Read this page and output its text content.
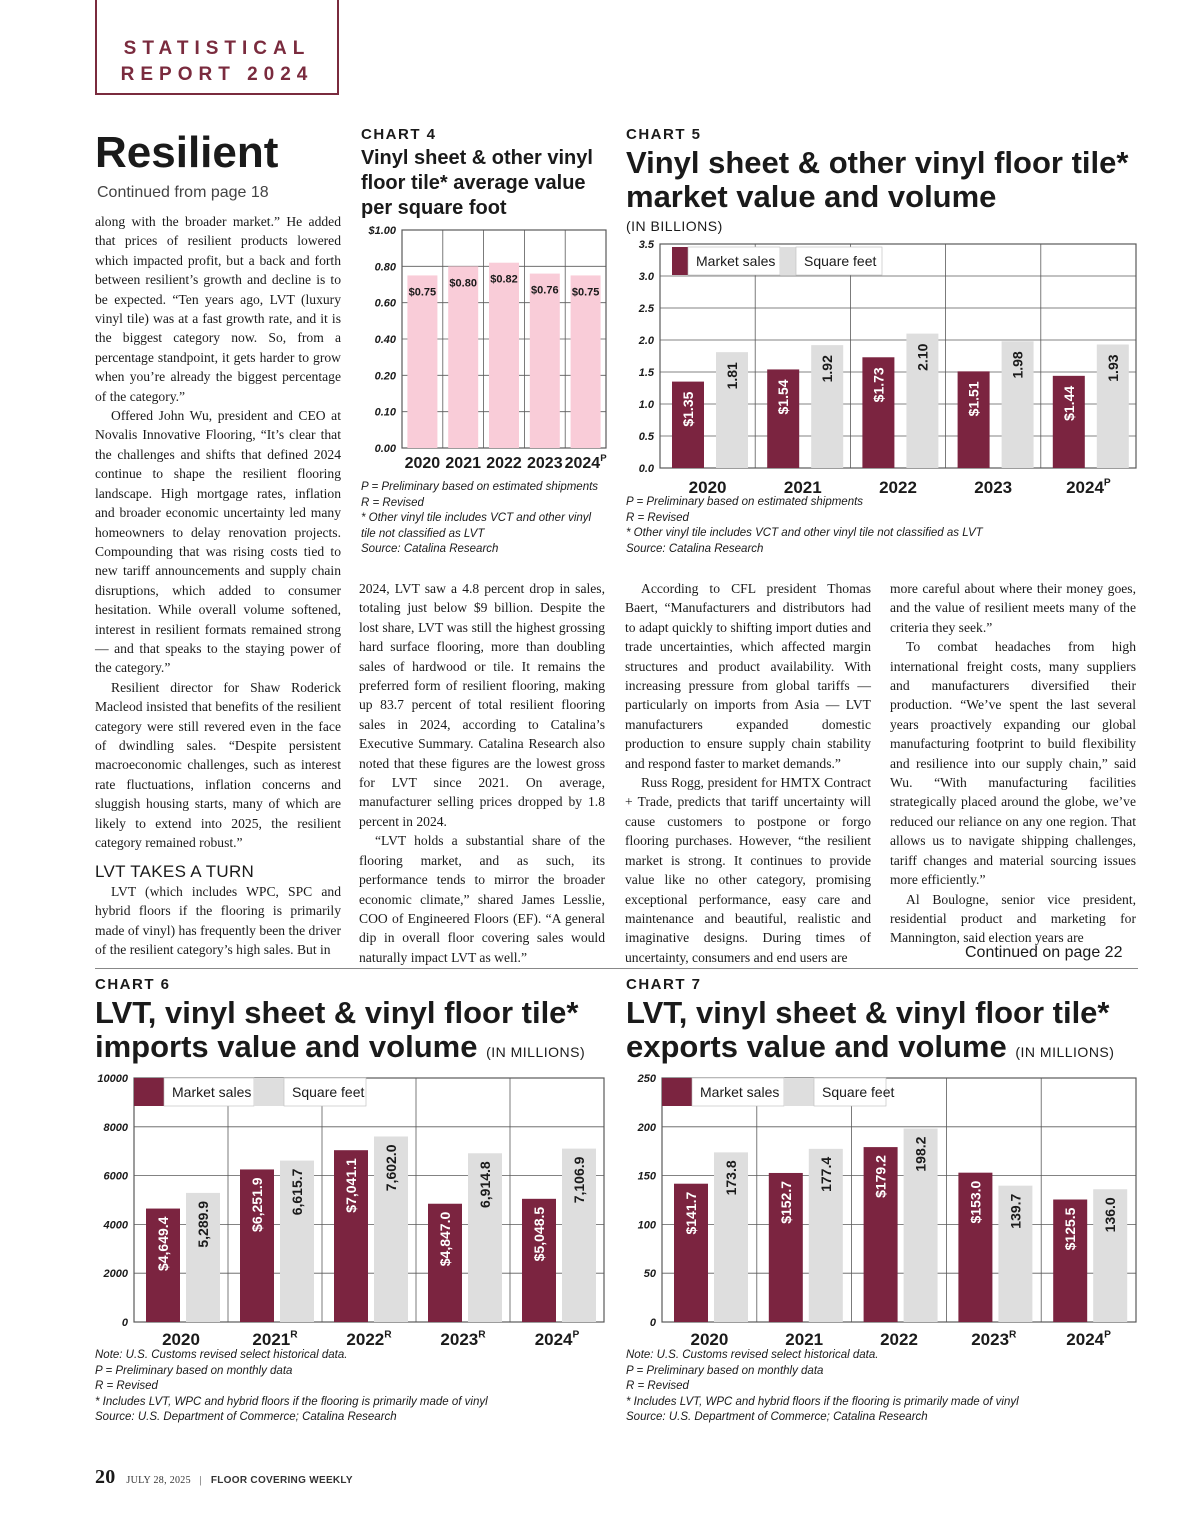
STATISTICAL
REPORT 2024
Resilient
Continued from page 18

along with the broader market.” He added that prices of resilient products lowered which impacted profit, but a back and forth between resilient’s growth and decline is to be expected. “Ten years ago, LVT (luxury vinyl tile) was at a fast growth rate, and it is the biggest category now. So, from a percentage standpoint, it gets harder to grow when you’re already the biggest percentage of the category.”

Offered John Wu, president and CEO at Novalis Innovative Flooring, “It’s clear that the challenges and shifts that defined 2024 continue to shape the resilient flooring landscape. High mortgage rates, inflation and broader economic uncertainty led many homeowners to delay renovation projects. Compounding that was rising costs tied to new tariff announcements and supply chain disruptions, which added to consumer hesitation. While overall volume softened, interest in resilient formats remained strong — and that speaks to the staying power of the category.”

Resilient director for Shaw Roderick Macleod insisted that benefits of the resilient category were still revered even in the face of dwindling sales. “Despite persistent macroeconomic challenges, such as interest rate fluctuations, inflation concerns and sluggish housing starts, many of which are likely to extend into 2025, the resilient category remained robust.”

LVT TAKES A TURN

LVT (which includes WPC, SPC and hybrid floors if the flooring is primarily made of vinyl) has frequently been the driver of the resilient category’s high sales. But in

CHART 4
Vinyl sheet & other vinyl
floor tile* average value
per square foot
0.00
0.10
0.20
0.40
0.60
0.80
$1.00
$0.75
2020
$0.80
2021
$0.82
2022
$0.76
2023
$0.75
$2024^P$
P = Preliminary based on estimated shipments
R = Revised
* Other vinyl tile includes VCT and other vinyl
tile not classified as LVT
Source: Catalina Research
CHART 5
Vinyl sheet & other vinyl floor tile*
market value and volume
(IN BILLIONS)
0.0
0.5
1.0
1.5
2.0
2.5
3.0
3.5
$1.35
1.81
2020
$1.54
1.92
2021
$1.73
2.10
2022
$1.51
1.98
2023
$1.44
1.93
$2024^P$
Market sales Square feet
P = Preliminary based on estimated shipments
R = Revised
* Other vinyl tile includes VCT and other vinyl tile not classified as LVT
Source: Catalina Research

2024, LVT saw a 4.8 percent drop in sales, totaling just below $9 billion. Despite the lost share, LVT was still the highest grossing hard surface flooring, more than doubling sales of hardwood or tile. It remains the preferred form of resilient flooring, making up 83.7 percent of total resilient flooring sales in 2024, according to Catalina’s Executive Summary. Catalina Research also noted that these figures are the lowest gross for LVT since 2021. On average, manufacturer selling prices dropped by 1.8 percent in 2024.

“LVT holds a substantial share of the flooring market, and as such, its performance tends to mirror the broader economic climate,” shared James Lesslie, COO of Engineered Floors (EF). “A general dip in overall floor covering sales would naturally impact LVT as well.”

According to CFL president Thomas Baert, “Manufacturers and distributors had to adapt quickly to shifting import duties and trade uncertainties, which affected margin structures and product availability. With increasing pressure from global tariffs — particularly on imports from Asia — LVT manufacturers expanded domestic production to ensure supply chain stability and respond faster to market demands.”

Russ Rogg, president for HMTX Contract + Trade, predicts that tariff uncertainty will cause customers to postpone or forgo flooring purchases. However, “the resilient market is strong. It continues to provide value like no other category, promising exceptional performance, easy care and maintenance and beautiful, realistic and imaginative designs. During times of uncertainty, consumers and end users are

more careful about where their money goes, and the value of resilient meets many of the criteria they seek.”

To combat headaches from high international freight costs, many suppliers and manufacturers diversified their production. “We’ve spent the last several years proactively expanding our global manufacturing footprint to build flexibility and resilience into our supply chain,” said Wu. “With manufacturing facilities strategically placed around the globe, we’ve reduced our reliance on any one region. That allows us to navigate shipping challenges, tariff changes and material sourcing issues more efficiently.”

Al Boulogne, senior vice president, residential product and marketing for Mannington, said election years are

Continued on page 22
CHART 6
LVT, vinyl sheet & vinyl floor tile*
imports value and volume (IN MILLIONS)
0
2000
4000
6000
8000
10000
$4,649.4 5,289.9
2020
$6,251.9 6,615.7
$2021^R$
$7,041.1 7,602.0
$2022^R$
$4,847.0
6,914.8
$2023^R$
$5,048.5
7,106.9
$2024^P$
Market sales	Square feet
Note: U.S. Customs revised select historical data.
P = Preliminary based on monthly data
R = Revised
* Includes LVT, WPC and hybrid floors if the flooring is primarily made of vinyl
Source: U.S. Department of Commerce; Catalina Research
CHART 7
LVT, vinyl sheet & vinyl floor tile*
exports value and volume (IN MILLIONS)
0
50
100
150
200
250
$141.7
173.8
2020
$152.7
177.4
2021
$179.2
198.2
2022
$153.0 139.7
$2023^R$
$125.5 136.0
$2024^P$
Market sales	Square feet
Note: U.S. Customs revised select historical data.
P = Preliminary based on monthly data
R = Revised
* Includes LVT, WPC and hybrid floors if the flooring is primarily made of vinyl
Source: U.S. Department of Commerce; Catalina Research
20 JULY 28, 2025 | FLOOR COVERING WEEKLY
